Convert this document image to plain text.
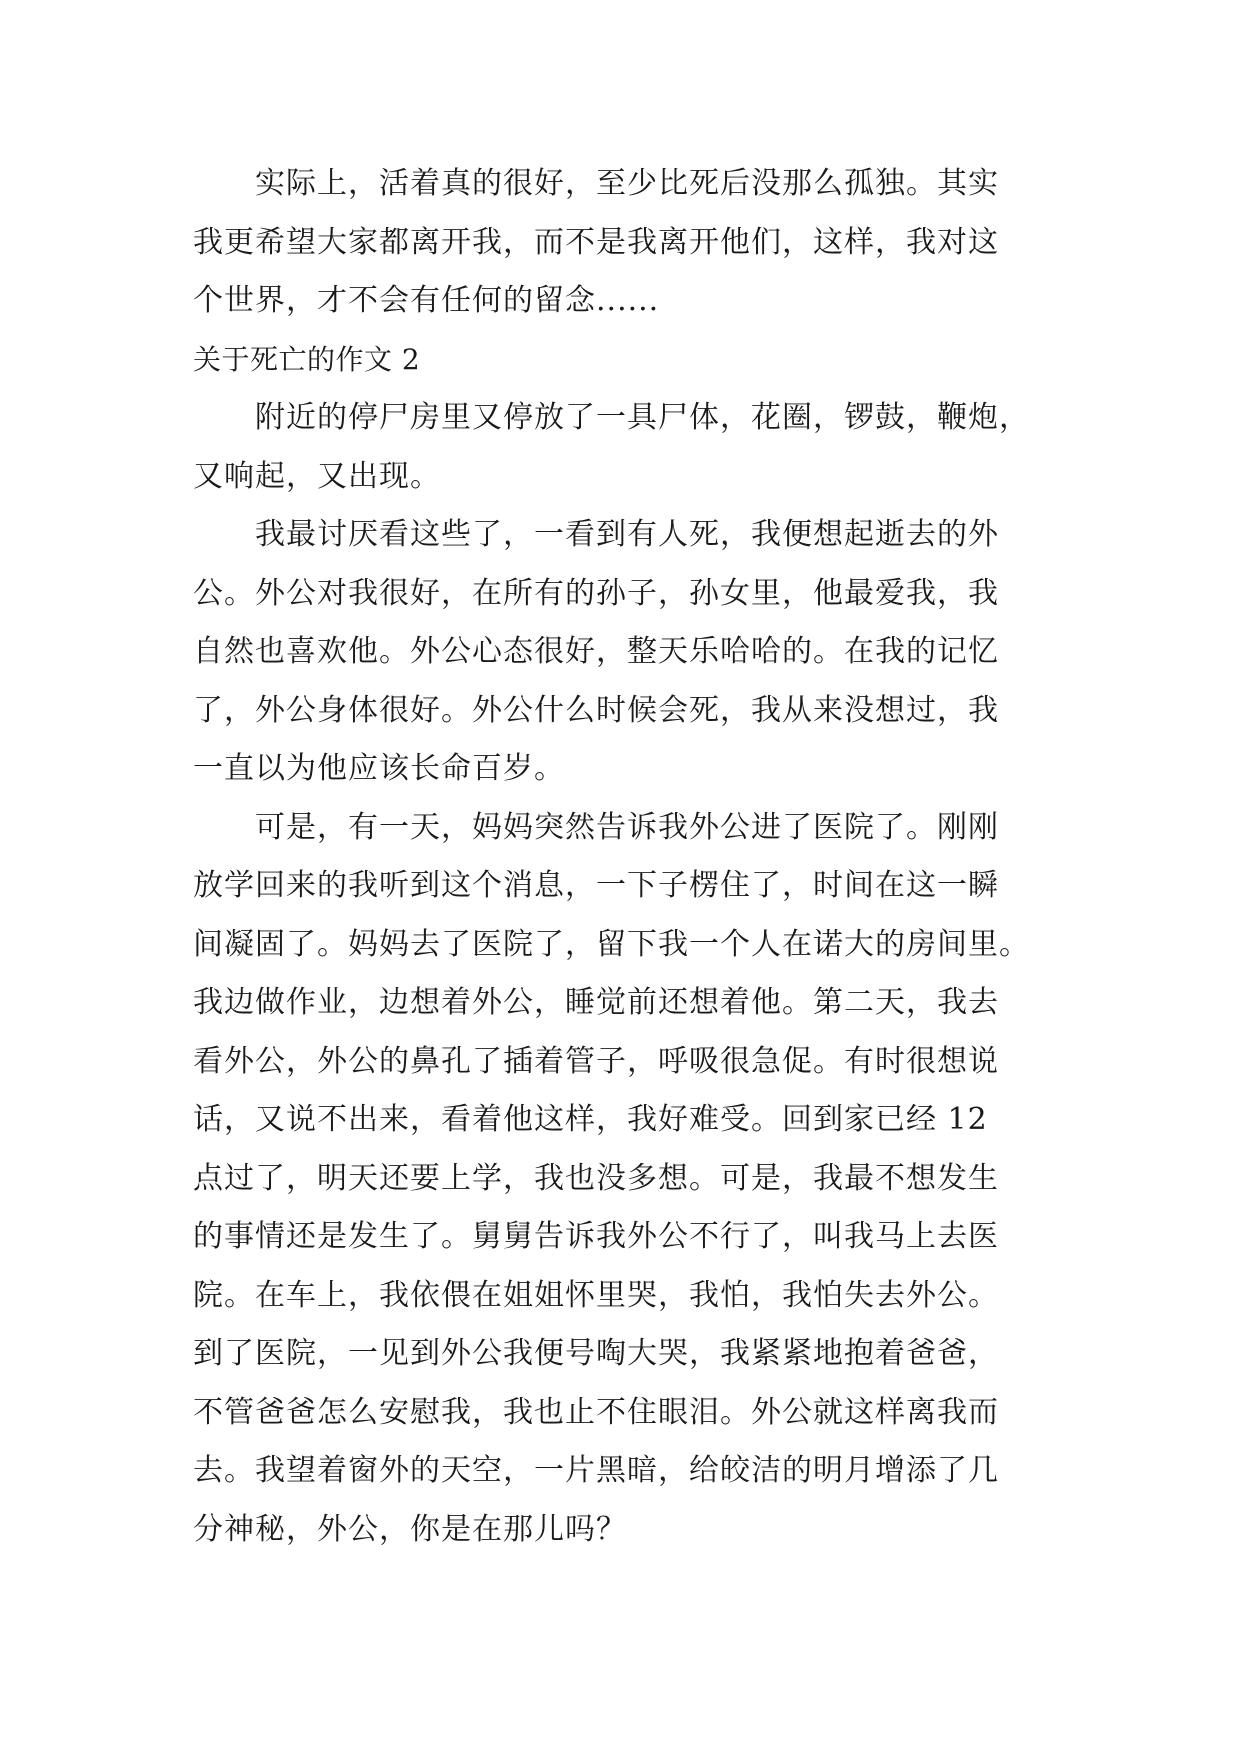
实际上，活着真的很好，至少比死后没那么孤独。其实
我更希望大家都离开我，而不是我离开他们，这样，我对这
个世界，才不会有任何的留念......
关于死亡的作文 2
附近的停尸房里又停放了一具尸体，花圈，锣鼓，鞭炮，
又响起，又出现。
我最讨厌看这些了，一看到有人死，我便想起逝去的外
公。外公对我很好，在所有的孙子，孙女里，他最爱我，我
自然也喜欢他。外公心态很好，整天乐哈哈的。在我的记忆
了，外公身体很好。外公什么时候会死，我从来没想过，我
一直以为他应该长命百岁。
可是，有一天，妈妈突然告诉我外公进了医院了。刚刚
放学回来的我听到这个消息，一下子楞住了，时间在这一瞬
间凝固了。妈妈去了医院了，留下我一个人在诺大的房间里。
我边做作业，边想着外公，睡觉前还想着他。第二天，我去
看外公，外公的鼻孔了插着管子，呼吸很急促。有时很想说
话，又说不出来，看着他这样，我好难受。回到家已经 12
点过了，明天还要上学，我也没多想。可是，我最不想发生
的事情还是发生了。舅舅告诉我外公不行了，叫我马上去医
院。在车上，我依偎在姐姐怀里哭，我怕，我怕失去外公。
到了医院，一见到外公我便号啕大哭，我紧紧地抱着爸爸，
不管爸爸怎么安慰我，我也止不住眼泪。外公就这样离我而
去。我望着窗外的天空，一片黑暗，给皎洁的明月增添了几
分神秘，外公，你是在那儿吗？
